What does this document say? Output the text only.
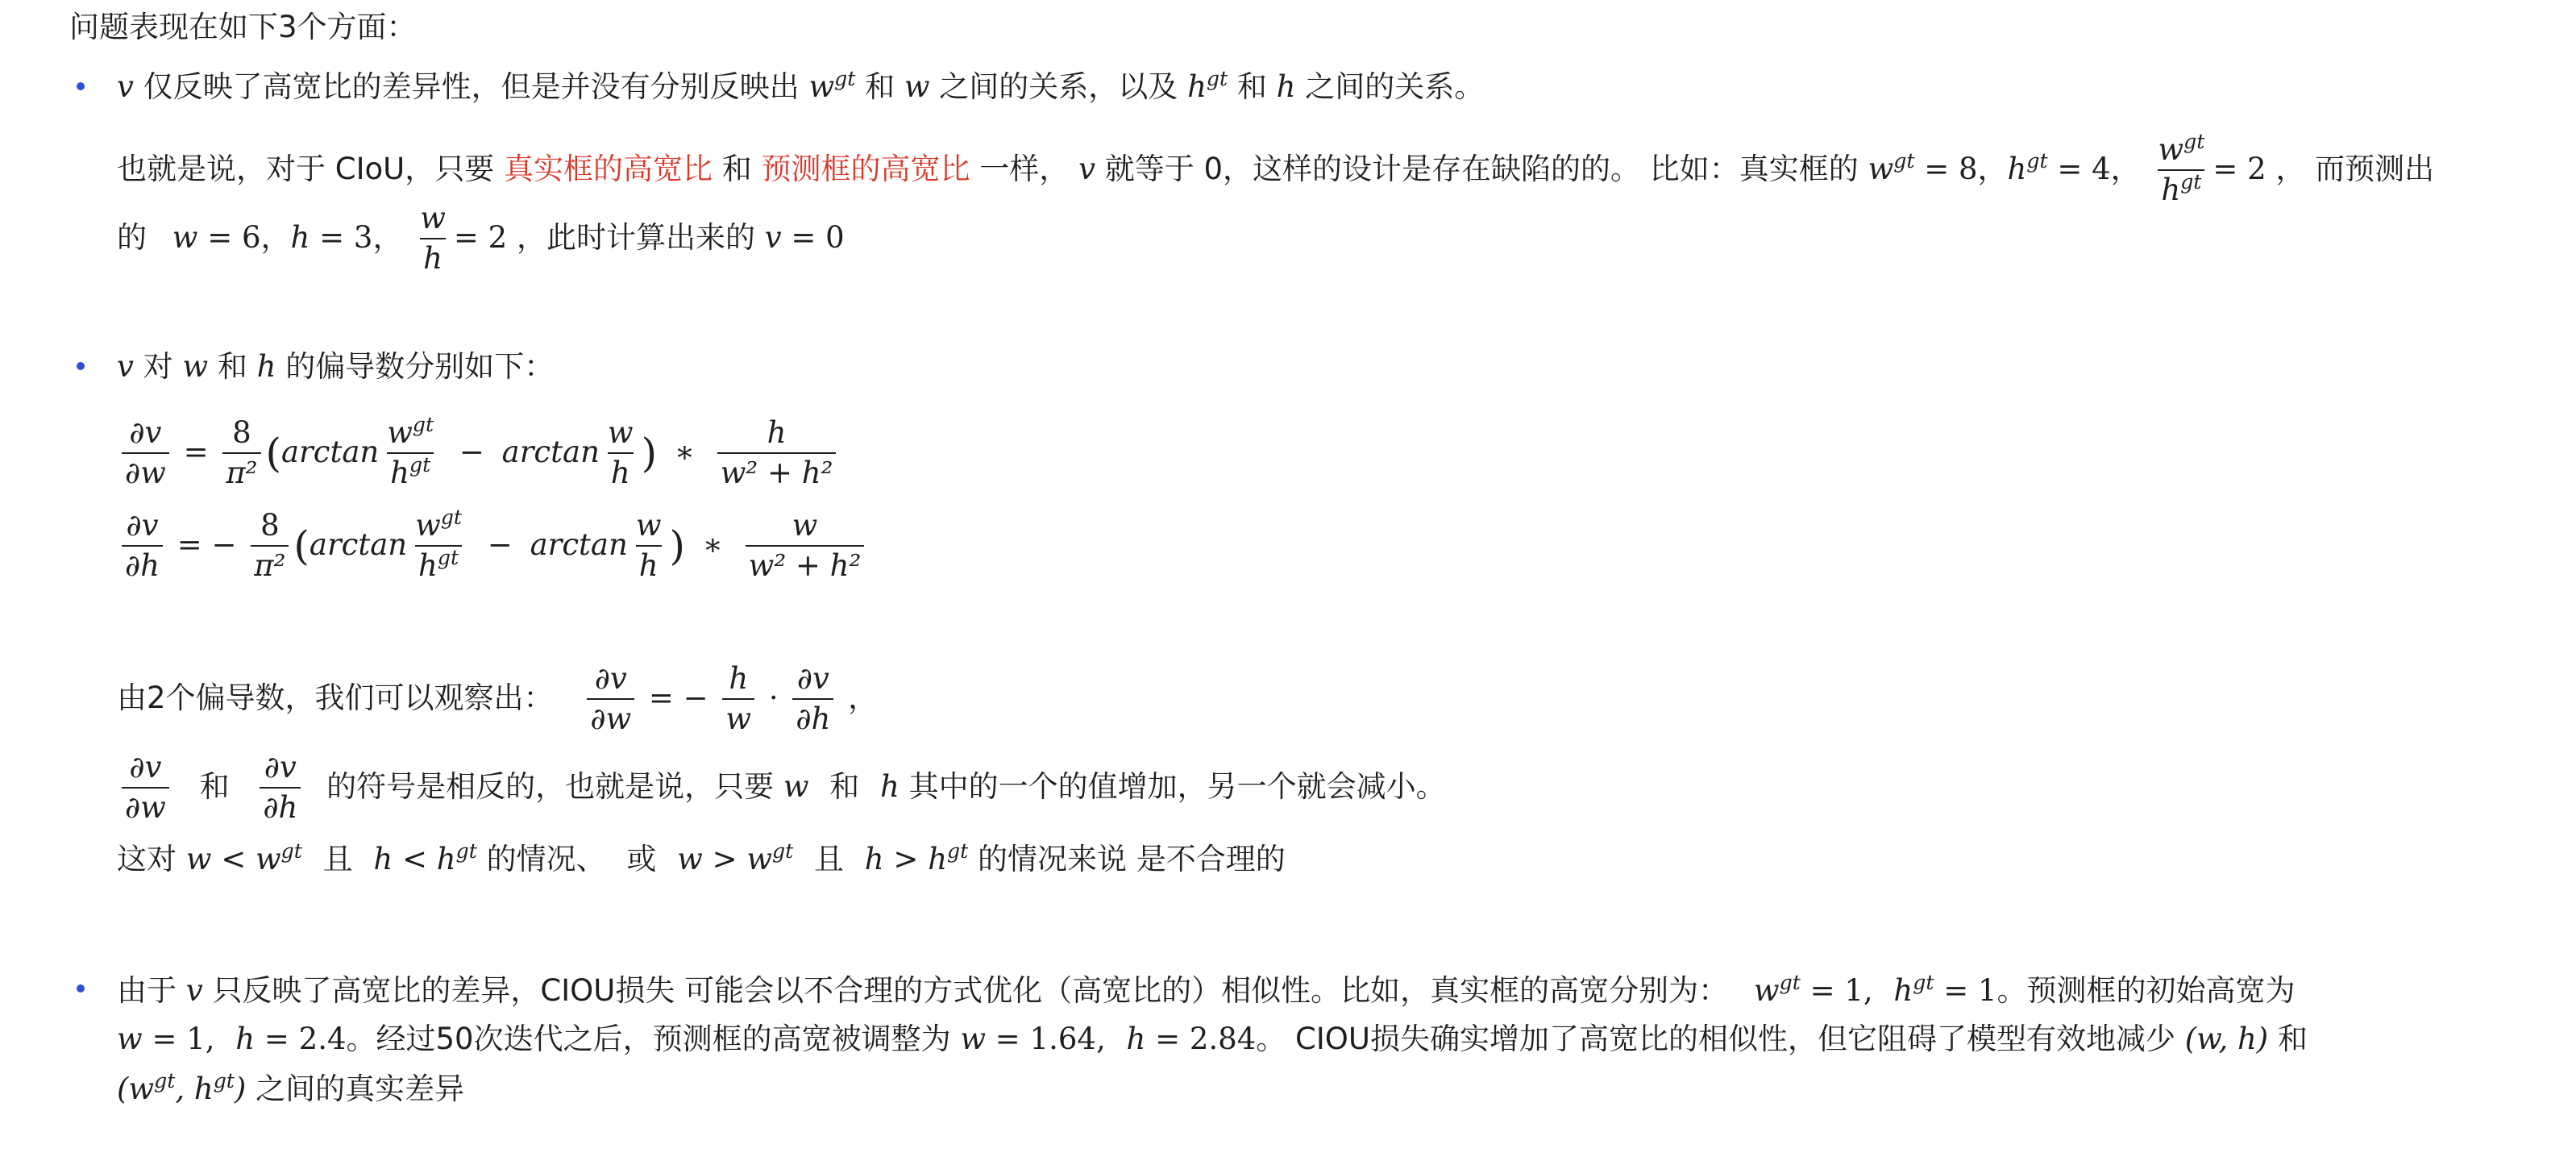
问题表现在如下3个方面：
v 仅反映了高宽比的差异性，但是并没有分别反映出 $w^{gt}$ 和 w 之间的关系，以及 $h^{gt}$ 和 h 之间的关系。
也就是说，对于 CIoU，只要 真实框的高宽比 和 预测框的高宽比 一样， v 就等于 0，这样的设计是存在缺陷的的。 比如：真实框的 $w^{gt} = 8$，$h^{gt} = 4$， $\frac{w^{gt}}{h^{gt}} = 2$ ， 而预测出
的 w = 6，h = 3， $\frac{w}{h} = 2$ ，此时计算出来的 v = 0
v 对 w 和 h 的偏导数分别如下：
$\frac{\partial v}{\partial w} = \frac{8}{\text{π²}} (\arctan \frac{w^{gt}}{h^{gt}} - \arctan \frac{w}{h}$ ) ∗ $\frac{h}{\text{w² + h²}}$
$\frac{\partial v}{\partial h}$ = − $\frac{8}{\text{π²}} (\arctan \frac{w^{gt}}{h^{gt}} - \arctan \frac{w}{h}$ ) ∗ $\frac{w}{\text{w² + h²}}$
由2个偏导数，我们可以观察出： $\frac{\partial v}{\partial w}$ = − $\frac{h}{w} \cdot \frac{\partial v}{\partial h}$ ，
$\frac{\partial v}{\partial w}$ 和 $\frac{\partial v}{\partial h}$ 的符号是相反的，也就是说，只要 w 和 h 其中的一个的值增加，另一个就会减小。
这对 $w < w^{gt}$ 且 $h < h^{gt}$ 的情况、 或 $w > w^{gt}$ 且 $h > h^{gt}$ 的情况来说 是不合理的
由于 v 只反映了高宽比的差异，CIOU损失 可能会以不合理的方式优化（高宽比的）相似性。比如，真实框的高宽分别为： $w^{gt} = 1$, $h^{gt} = 1$。预测框的初始高宽为
w = 1, h = 2.4。经过50次迭代之后，预测框的高宽被调整为 w = 1.64, h = 2.84。 CIOU损失确实增加了高宽比的相似性，但它阻碍了模型有效地减少 (w, h) 和
($w^{gt}$, $h^{gt}$) 之间的真实差异
